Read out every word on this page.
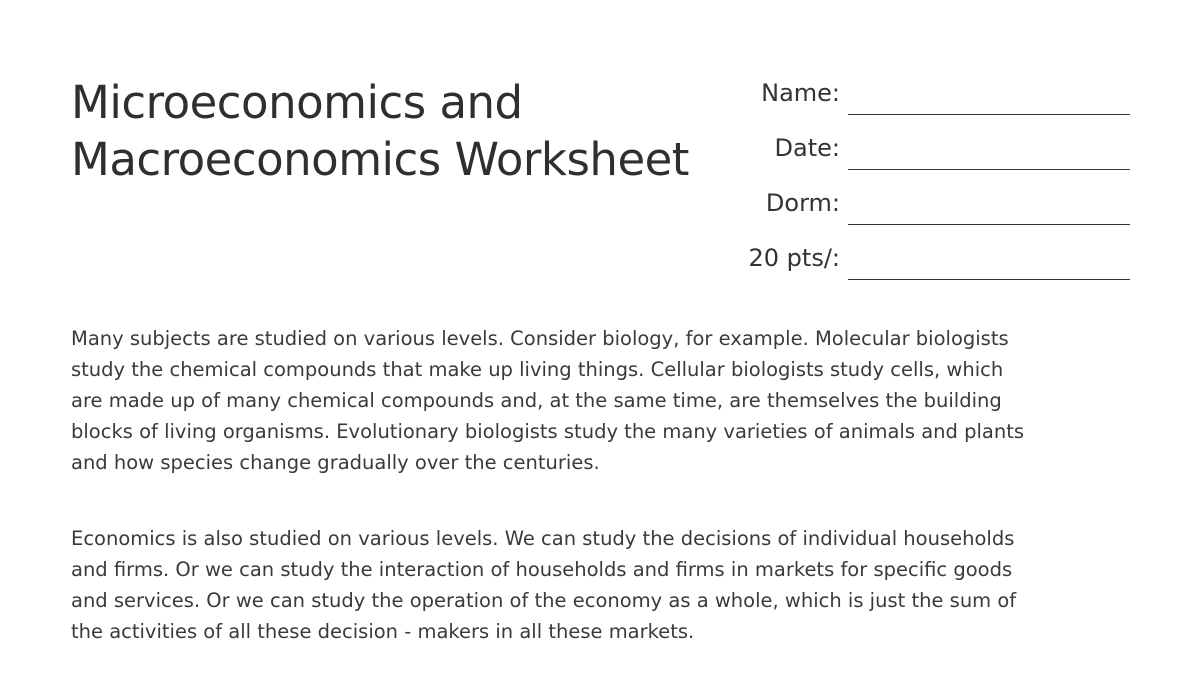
Microeconomics and
Macroeconomics Worksheet
Name:
Date:
Dorm:
20 pts/:

Many subjects are studied on various levels. Consider biology, for example. Molecular biologists
study the chemical compounds that make up living things. Cellular biologists study cells, which
are made up of many chemical compounds and, at the same time, are themselves the building
blocks of living organisms. Evolutionary biologists study the many varieties of animals and plants
and how species change gradually over the centuries.

Economics is also studied on various levels. We can study the decisions of individual households
and firms. Or we can study the interaction of households and firms in markets for specific goods
and services. Or we can study the operation of the economy as a whole, which is just the sum of
the activities of all these decision - makers in all these markets.
